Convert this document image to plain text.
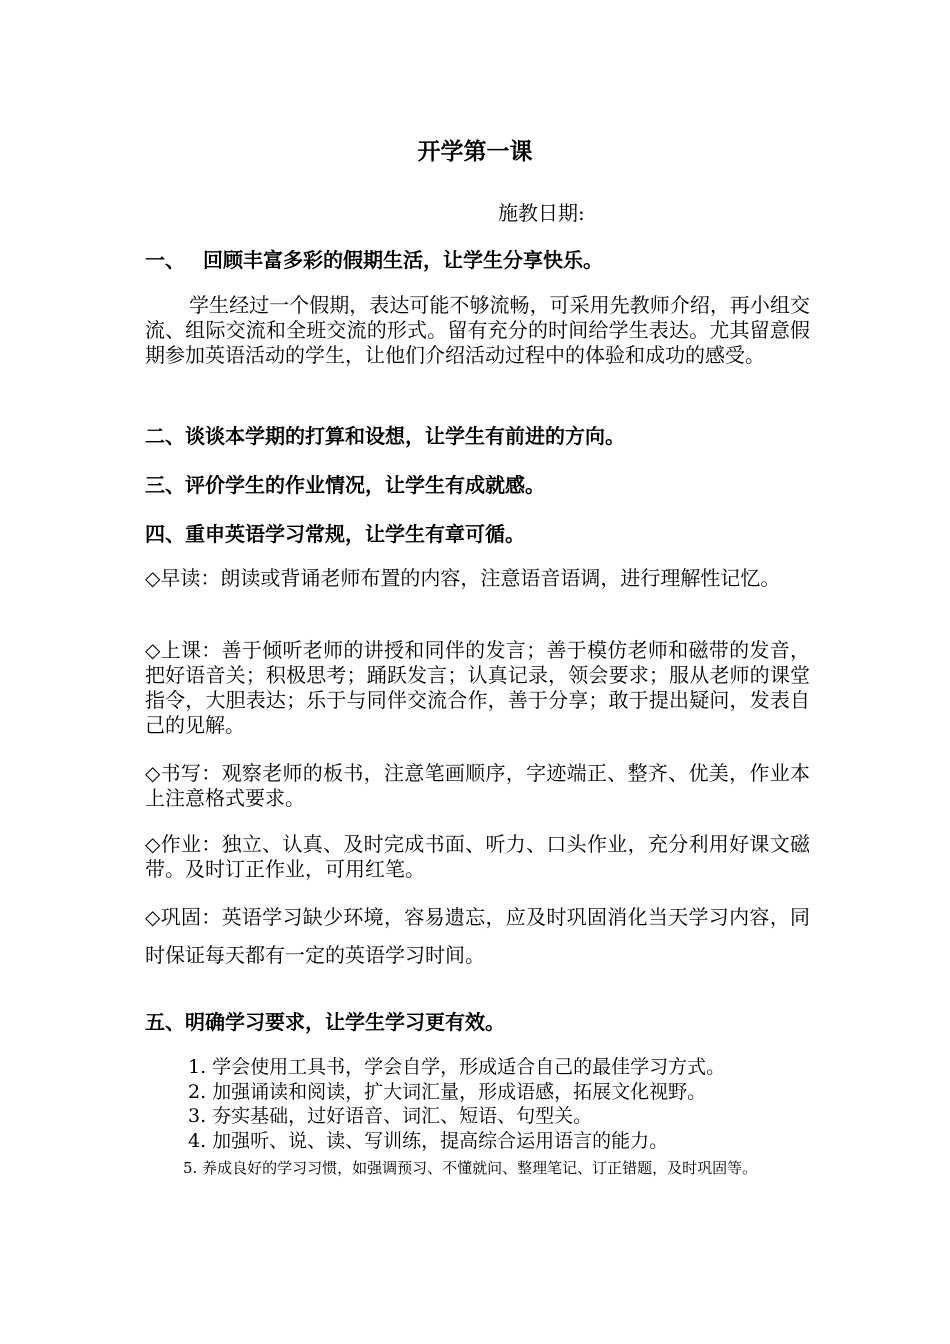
开学第一课
施教日期:
一、 回顾丰富多彩的假期生活，让学生分享快乐。
学生经过一个假期，表达可能不够流畅，可采用先教师介绍，再小组交流、组际交流和全班交流的形式。留有充分的时间给学生表达。尤其留意假期参加英语活动的学生，让他们介绍活动过程中的体验和成功的感受。
二、谈谈本学期的打算和设想，让学生有前进的方向。
三、评价学生的作业情况，让学生有成就感。
四、重申英语学习常规，让学生有章可循。
◇早读：朗读或背诵老师布置的内容，注意语音语调，进行理解性记忆。
◇上课：善于倾听老师的讲授和同伴的发言；善于模仿老师和磁带的发音，把好语音关；积极思考；踊跃发言；认真记录，领会要求；服从老师的课堂指令，大胆表达；乐于与同伴交流合作，善于分享；敢于提出疑问，发表自己的见解。
◇书写：观察老师的板书，注意笔画顺序，字迹端正、整齐、优美，作业本上注意格式要求。
◇作业：独立、认真、及时完成书面、听力、口头作业，充分利用好课文磁带。及时订正作业，可用红笔。
◇巩固：英语学习缺少环境，容易遗忘，应及时巩固消化当天学习内容，同时保证每天都有一定的英语学习时间。
五、明确学习要求，让学生学习更有效。
1. 学会使用工具书，学会自学，形成适合自己的最佳学习方式。
2. 加强诵读和阅读，扩大词汇量，形成语感，拓展文化视野。
3. 夯实基础，过好语音、词汇、短语、句型关。
4. 加强听、说、读、写训练，提高综合运用语言的能力。
5. 养成良好的学习习惯，如强调预习、不懂就问、整理笔记、订正错题，及时巩固等。
